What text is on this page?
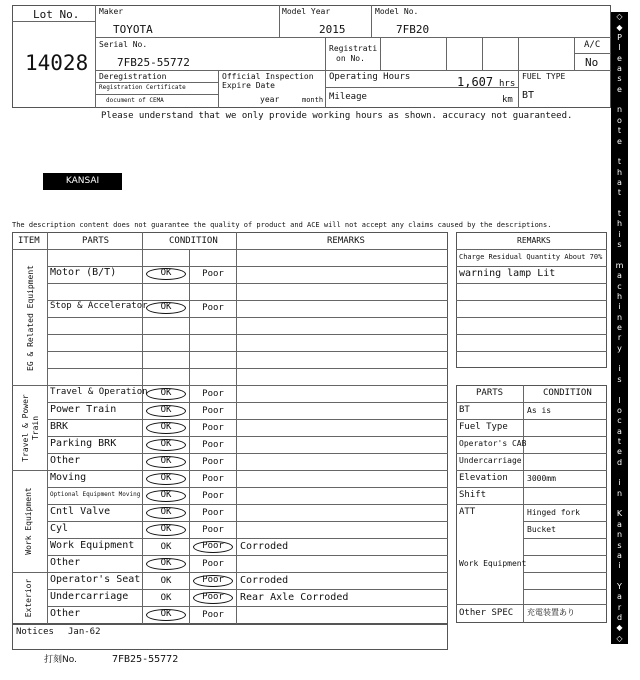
Lot No.
14028
Maker
TOYOTA
Model Year
2015
Model No.
7FB20
Serial No.
7FB25-55772
Registrati
on No.
A/C
No
Deregistration
Registration Certificate
document of CEMA
Official Inspection
Expire Date
year	month
Operating Hours	1,607 hrs
Mileage	km
FUEL TYPE
BT
Please understand that we only provide working hours as shown. accuracy not guaranteed.
KANSAI
The description content does not guarantee the quality of product and ACE will not accept any claims caused by the descriptions.
ITEM	PARTS	CONDITION	REMARKS
EG & Related Equipment
Travel & Power Train
Work Equipment
Exterior
Motor (B/T)	OK	Poor
Stop & Accelerator	OK	Poor
Travel & Operation	OK	Poor
Power Train	OK	Poor
BRK	OK	Poor
Parking BRK	OK	Poor
Other	OK	Poor
Moving	OK	Poor
Optional Equipment Moving	OK	Poor
Cntl Valve	OK	Poor
Cyl	OK	Poor
Work Equipment	OK	Poor	Corroded
Other	OK	Poor
Operator's Seat	OK	Poor	Corroded
Undercarriage	OK	Poor	Rear Axle Corroded
Other	OK	Poor
Notices Jan-62
REMARKS
Charge Residual Quantity About 70%
warning lamp Lit
PARTS	CONDITION
BT	As is
Fuel Type
Operator's CAB
Undercarriage
Elevation 3000mm
Shift
ATT	Hinged fork
Bucket
Work Equipment
Other SPEC 充電装置あり
打刻No.	7FB25-55772
◇
◆
P
l
e
a
s
e
n
o
t
e
t
h
a
t
t
h
i
s
m
a
c
h
i
n
e
r
y
i
s
l
o
c
a
t
e
d
i
n
K
a
n
s
a
i
Y
a
r
d
◆
◇
